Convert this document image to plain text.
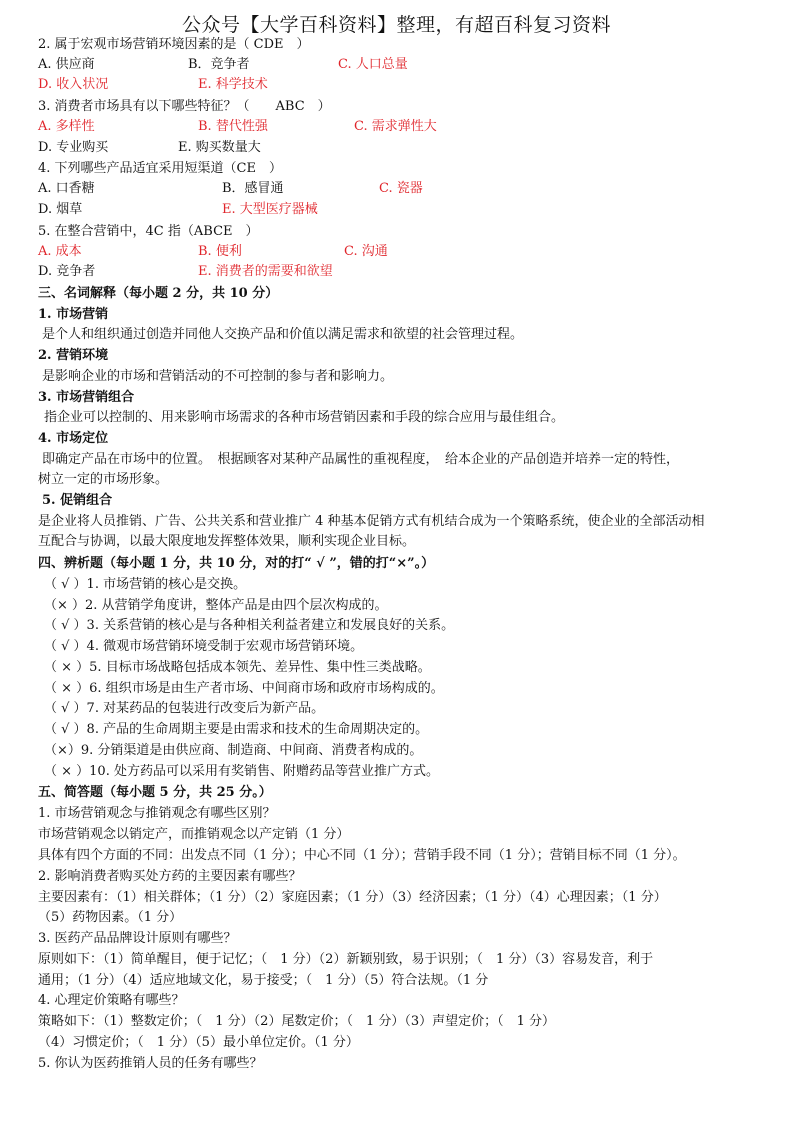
公众号【大学百科资料】整理，有超百科复习资料
2. 属于宏观市场营销环境因素的是（ CDE　）
A. 供应商	B．竞争者	C. 人口总量
D. 收入状况	E. 科学技术
3. 消费者市场具有以下哪些特征？（　　ABC　）
A. 多样性	B. 替代性强	C. 需求弹性大
D. 专业购买	E. 购买数量大
4. 下列哪些产品适宜采用短渠道（CE　）
A. 口香糖	B．感冒通	C. 瓷器
D. 烟草	E. 大型医疗器械
5. 在整合营销中，4C 指（ABCE　）
A. 成本	B. 便利	C. 沟通
D. 竞争者	E. 消费者的需要和欲望
三、名词解释（每小题 2 分，共 10 分）
1. 市场营销
是个人和组织通过创造并同他人交换产品和价值以满足需求和欲望的社会管理过程。
2. 营销环境
是影响企业的市场和营销活动的不可控制的参与者和影响力。
3. 市场营销组合
指企业可以控制的、用来影响市场需求的各种市场营销因素和手段的综合应用与最佳组合。
4. 市场定位
即确定产品在市场中的位置。　根据顾客对某种产品属性的重视程度，　给本企业的产品创造并培养一定的特性，
树立一定的市场形象。
5. 促销组合
是企业将人员推销、广告、公共关系和营业推广 4 种基本促销方式有机结合成为一个策略系统，使企业的全部活动相
互配合与协调，以最大限度地发挥整体效果，顺利实现企业目标。
四、辨析题（每小题 1 分，共 10 分，对的打“ √ ”，错的打“×”。）
（ √ ）1. 市场营销的核心是交换。
（× ）2. 从营销学角度讲，整体产品是由四个层次构成的。
（ √ ）3. 关系营销的核心是与各种相关利益者建立和发展良好的关系。
（ √ ）4. 微观市场营销环境受制于宏观市场营销环境。
（ × ）5. 目标市场战略包括成本领先、差异性、集中性三类战略。
（ × ）6. 组织市场是由生产者市场、中间商市场和政府市场构成的。
（ √ ）7. 对某药品的包装进行改变后为新产品。
（ √ ）8. 产品的生命周期主要是由需求和技术的生命周期决定的。
（×）9. 分销渠道是由供应商、制造商、中间商、消费者构成的。
（ × ）10. 处方药品可以采用有奖销售、附赠药品等营业推广方式。
五、简答题（每小题 5 分，共 25 分。）
1. 市场营销观念与推销观念有哪些区别？
市场营销观念以销定产，而推销观念以产定销（1 分）
具体有四个方面的不同：出发点不同（1 分）；中心不同（1 分）；营销手段不同（1 分）；营销目标不同（1 分）。
2. 影响消费者购买处方药的主要因素有哪些？
主要因素有：（1）相关群体；（1 分）（2）家庭因素；（1 分）（3）经济因素；（1 分）（4）心理因素；（1 分）
（5）药物因素。（1 分）
3. 医药产品品牌设计原则有哪些？
原则如下：（1）简单醒目，便于记忆；（　1 分）（2）新颖别致，易于识别；（　1 分）（3）容易发音，利于
通用；（1 分）（4）适应地域文化，易于接受；（　1 分）（5）符合法规。（1 分
4. 心理定价策略有哪些？
策略如下：（1）整数定价；（　1 分）（2）尾数定价；（　1 分）（3）声望定价；（　1 分）
（4）习惯定价；（　1 分）（5）最小单位定价。（1 分）
5. 你认为医药推销人员的任务有哪些？
